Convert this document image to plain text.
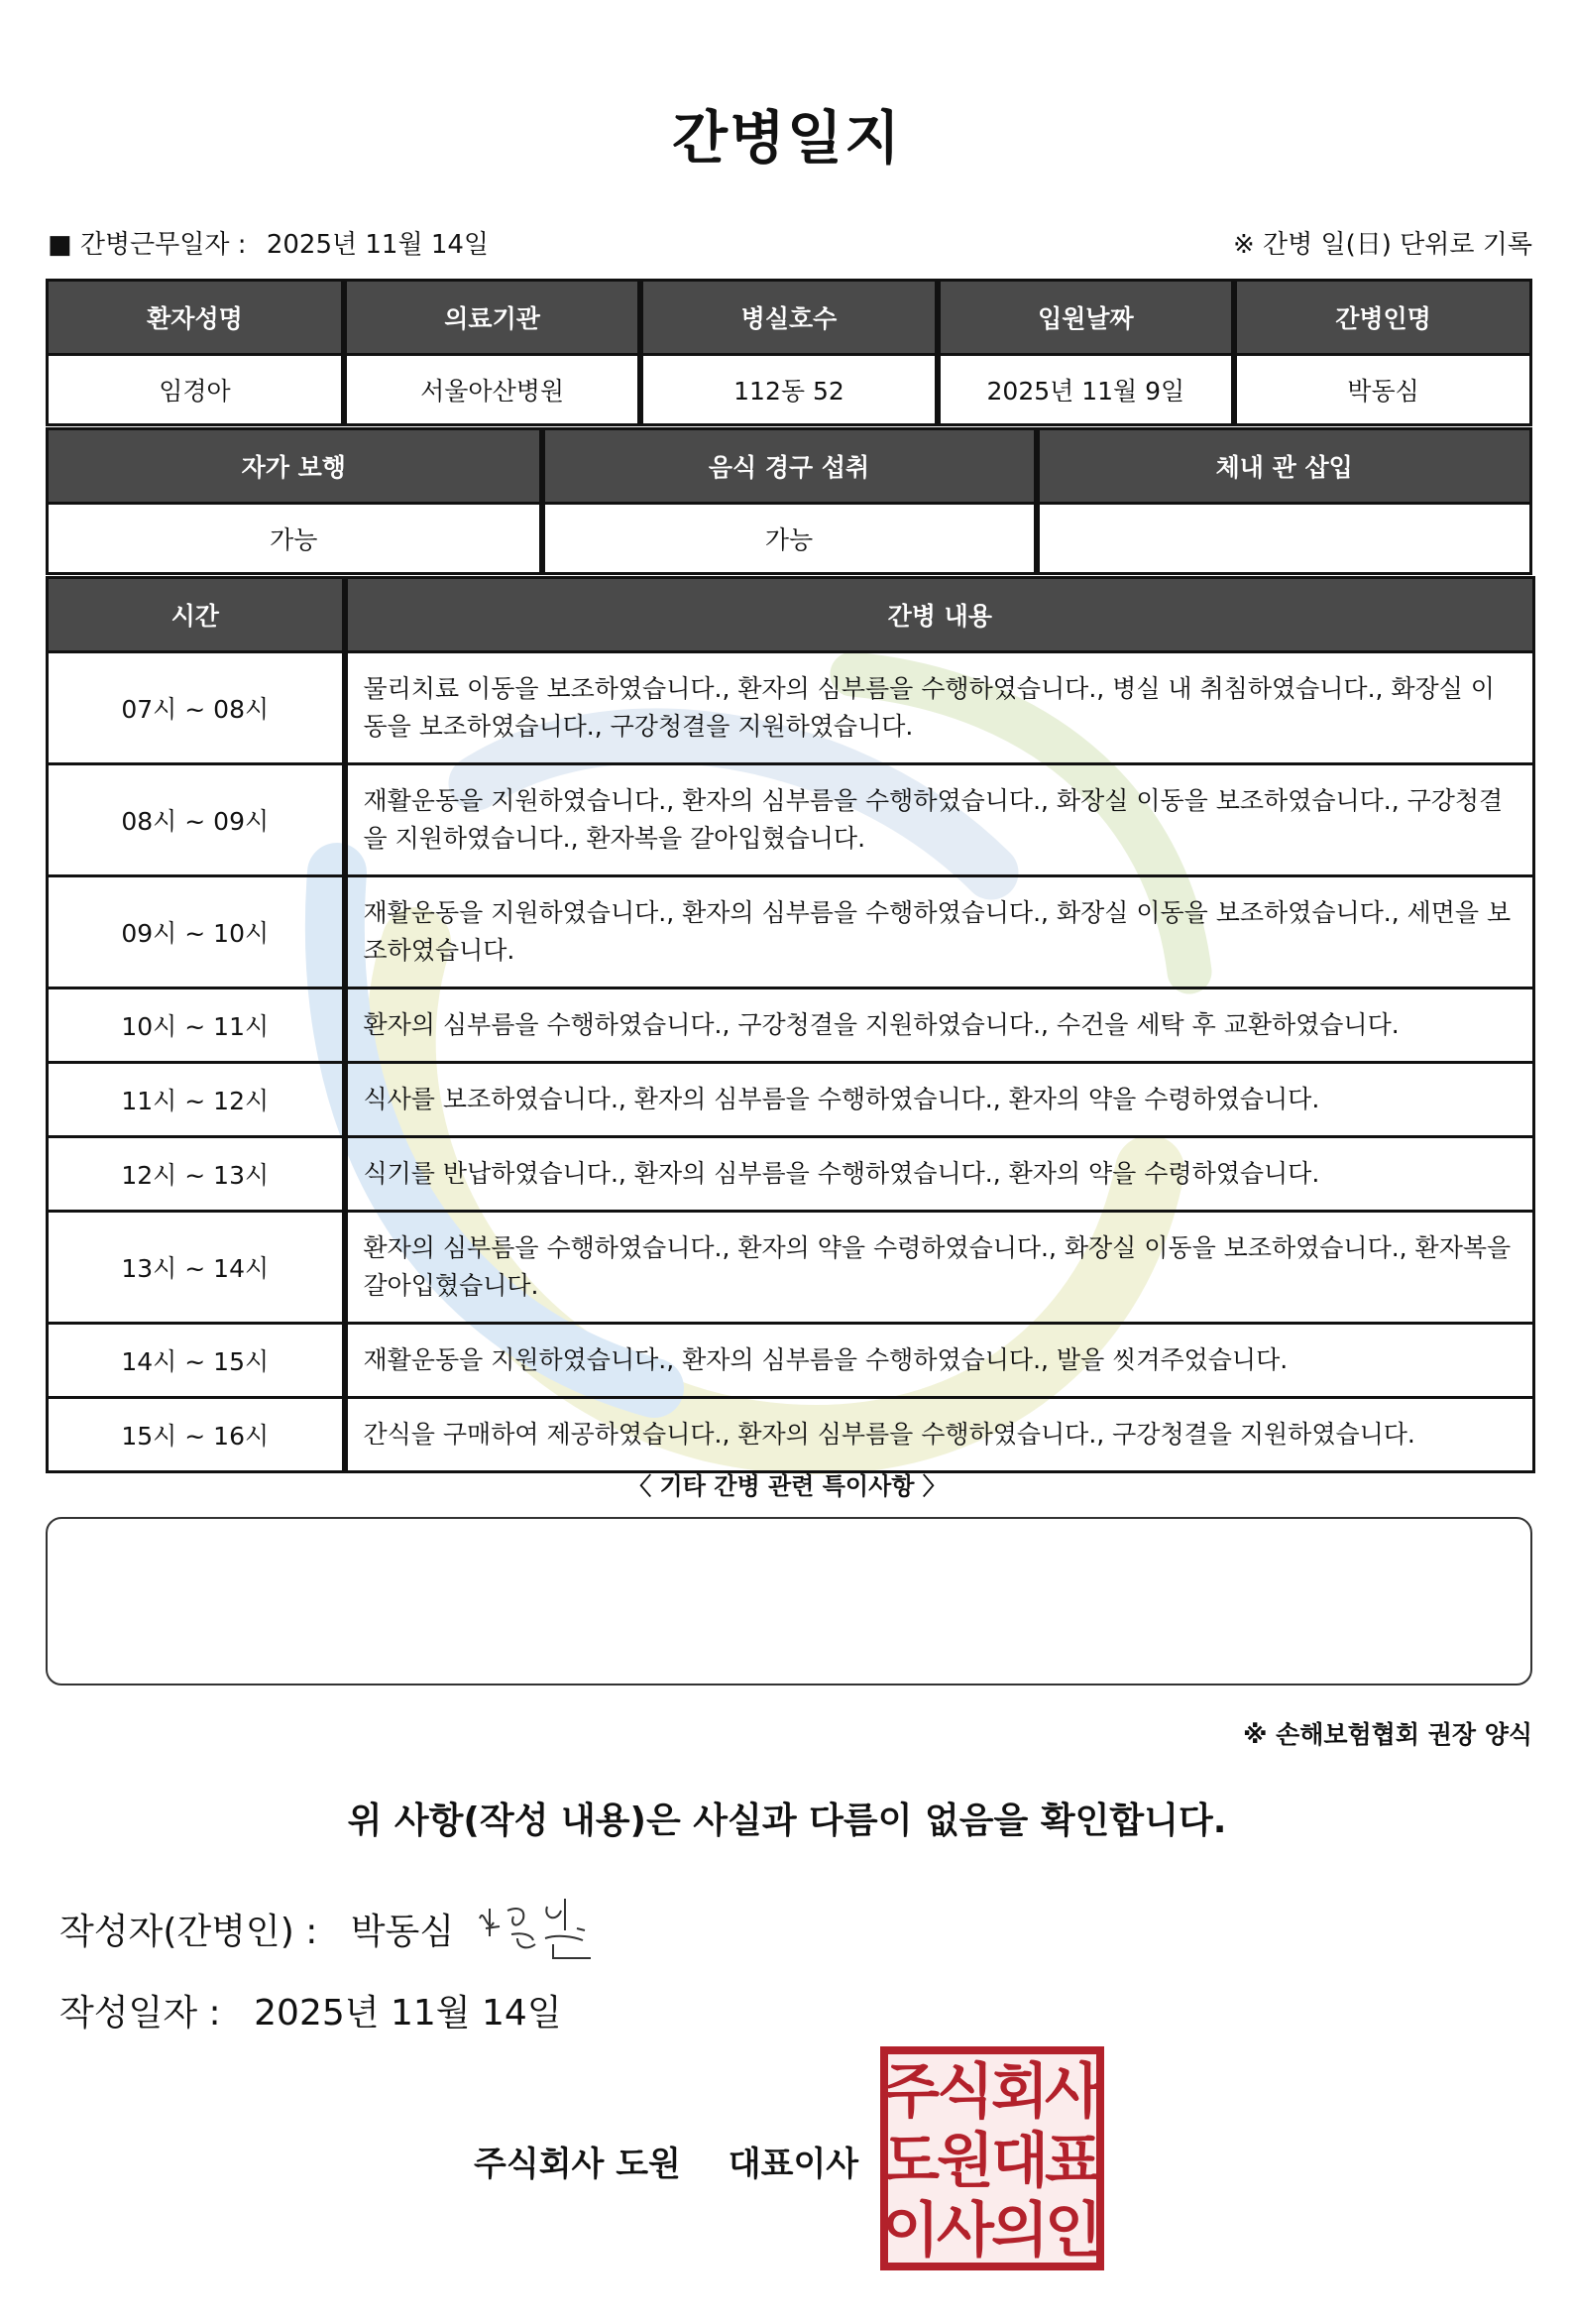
간병일지
■ 간병근무일자 : 2025년 11월 14일	※ 간병 일(日) 단위로 기록
환자성명	의료기관	병실호수	입원날짜	간병인명
임경아	서울아산병원	112동 52	2025년 11월 9일	박동심
자가 보행	음식 경구 섭취	체내 관 삽입
가능	가능	
시간	간병 내용
07시 ~ 08시	물리치료 이동을 보조하였습니다., 환자의 심부름을 수행하였습니다., 병실 내 취침하였습니다., 화장실 이동을 보조하였습니다., 구강청결을 지원하였습니다.
08시 ~ 09시	재활운동을 지원하였습니다., 환자의 심부름을 수행하였습니다., 화장실 이동을 보조하였습니다., 구강청결을 지원하였습니다., 환자복을 갈아입혔습니다.
09시 ~ 10시	재활운동을 지원하였습니다., 환자의 심부름을 수행하였습니다., 화장실 이동을 보조하였습니다., 세면을 보조하였습니다.
10시 ~ 11시	환자의 심부름을 수행하였습니다., 구강청결을 지원하였습니다., 수건을 세탁 후 교환하였습니다.
11시 ~ 12시	식사를 보조하였습니다., 환자의 심부름을 수행하였습니다., 환자의 약을 수령하였습니다.
12시 ~ 13시	식기를 반납하였습니다., 환자의 심부름을 수행하였습니다., 환자의 약을 수령하였습니다.
13시 ~ 14시	환자의 심부름을 수행하였습니다., 환자의 약을 수령하였습니다., 화장실 이동을 보조하였습니다., 환자복을 갈아입혔습니다.
14시 ~ 15시	재활운동을 지원하였습니다., 환자의 심부름을 수행하였습니다., 발을 씻겨주었습니다.
15시 ~ 16시	간식을 구매하여 제공하였습니다., 환자의 심부름을 수행하였습니다., 구강청결을 지원하였습니다.
〈 기타 간병 관련 특이사항 〉
※ 손해보험협회 권장 양식
위 사항(작성 내용)은 사실과 다름이 없음을 확인합니다.
작성자(간병인) : 박동심
작성일자 : 2025년 11월 14일
주식회사 도원 대표이사
주
식
회
사
도
원
대
표
이
사
의
인
